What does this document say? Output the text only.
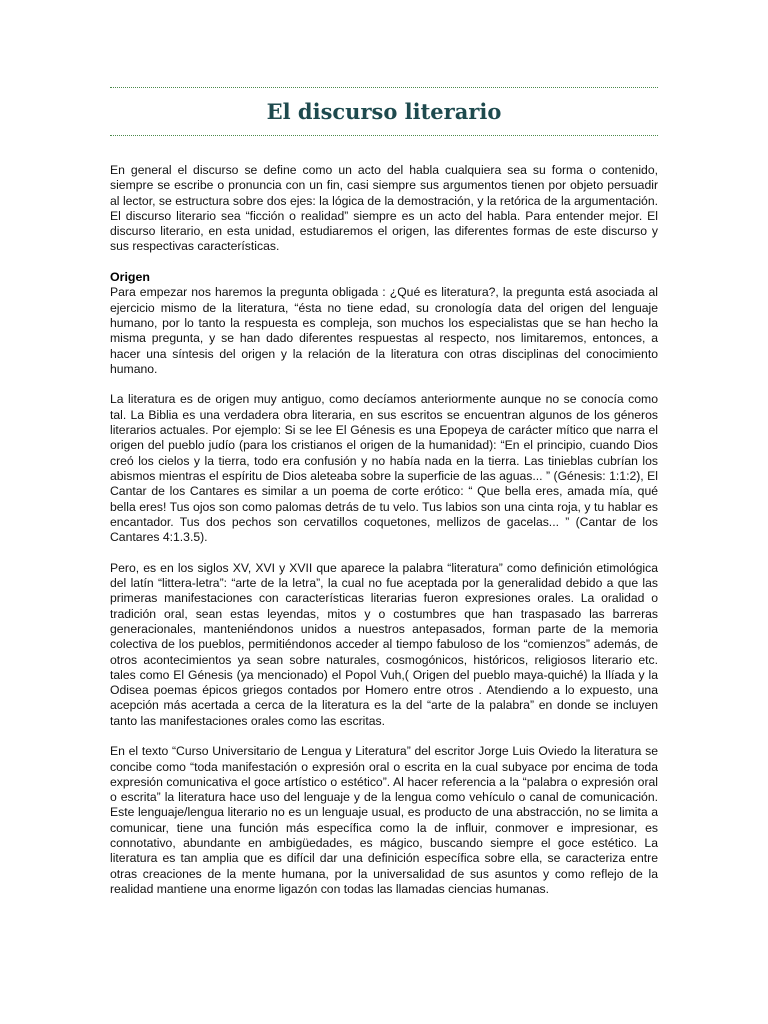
El discurso literario

En general el discurso se define como un acto del habla cualquiera sea su forma o contenido, siempre se escribe o pronuncia con un fin, casi siempre sus argumentos tienen por objeto persuadir al lector, se estructura sobre dos ejes: la lógica de la demostración, y la retórica de la argumentación. El discurso literario sea “ficción o realidad” siempre es un acto del habla. Para entender mejor. El discurso literario, en esta unidad, estudiaremos el origen, las diferentes formas de este discurso y sus respectivas características.

Origen

Para empezar nos haremos la pregunta obligada : ¿Qué es literatura?, la pregunta está asociada al ejercicio mismo de la literatura, “ésta no tiene edad, su cronología data del origen del lenguaje humano, por lo tanto la respuesta es compleja, son muchos los especialistas que se han hecho la misma pregunta, y se han dado diferentes respuestas al respecto, nos limitaremos, entonces, a hacer una síntesis del origen y la relación de la literatura con otras disciplinas del conocimiento humano.

La literatura es de origen muy antiguo, como decíamos anteriormente aunque no se conocía como tal. La Biblia es una verdadera obra literaria, en sus escritos se encuentran algunos de los géneros literarios actuales. Por ejemplo: Si se lee El Génesis es una Epopeya de carácter mítico que narra el origen del pueblo judío (para los cristianos el origen de la humanidad): “En el principio, cuando Dios creó los cielos y la tierra, todo era confusión y no había nada en la tierra. Las tinieblas cubrían los abismos mientras el espíritu de Dios aleteaba sobre la superficie de las aguas... ” (Génesis: 1:1:2), El Cantar de los Cantares es similar a un poema de corte erótico: “ Que bella eres, amada mía, qué bella eres! Tus ojos son como palomas detrás de tu velo. Tus labios son una cinta roja, y tu hablar es encantador. Tus dos pechos son cervatillos coquetones, mellizos de gacelas... ” (Cantar de los Cantares 4:1.3.5).

Pero, es en los siglos XV, XVI y XVII que aparece la palabra “literatura” como definición etimológica del latín “littera-letra”: “arte de la letra”, la cual no fue aceptada por la generalidad debido a que las primeras manifestaciones con características literarias fueron expresiones orales. La oralidad o tradición oral, sean estas leyendas, mitos y o costumbres que han traspasado las barreras generacionales, manteniéndonos unidos a nuestros antepasados, forman parte de la memoria colectiva de los pueblos, permitiéndonos acceder al tiempo fabuloso de los “comienzos” además, de otros acontecimientos ya sean sobre naturales, cosmogónicos, históricos, religiosos literario etc. tales como El Génesis (ya mencionado) el Popol Vuh,( Origen del pueblo maya-quiché) la Ilíada y la Odisea poemas épicos griegos contados por Homero entre otros . Atendiendo a lo expuesto, una acepción más acertada a cerca de la literatura es la del “arte de la palabra” en donde se incluyen tanto las manifestaciones orales como las escritas.

En el texto “Curso Universitario de Lengua y Literatura” del escritor Jorge Luis Oviedo la literatura se concibe como “toda manifestación o expresión oral o escrita en la cual subyace por encima de toda expresión comunicativa el goce artístico o estético”. Al hacer referencia a la “palabra o expresión oral o escrita” la literatura hace uso del lenguaje y de la lengua como vehículo o canal de comunicación. Este lenguaje/lengua literario no es un lenguaje usual, es producto de una abstracción, no se limita a comunicar, tiene una función más específica como la de influir, conmover e impresionar, es connotativo, abundante en ambigüedades, es mágico, buscando siempre el goce estético. La literatura es tan amplia que es difícil dar una definición específica sobre ella, se caracteriza entre otras creaciones de la mente humana, por la universalidad de sus asuntos y como reflejo de la realidad mantiene una enorme ligazón con todas las llamadas ciencias humanas.
